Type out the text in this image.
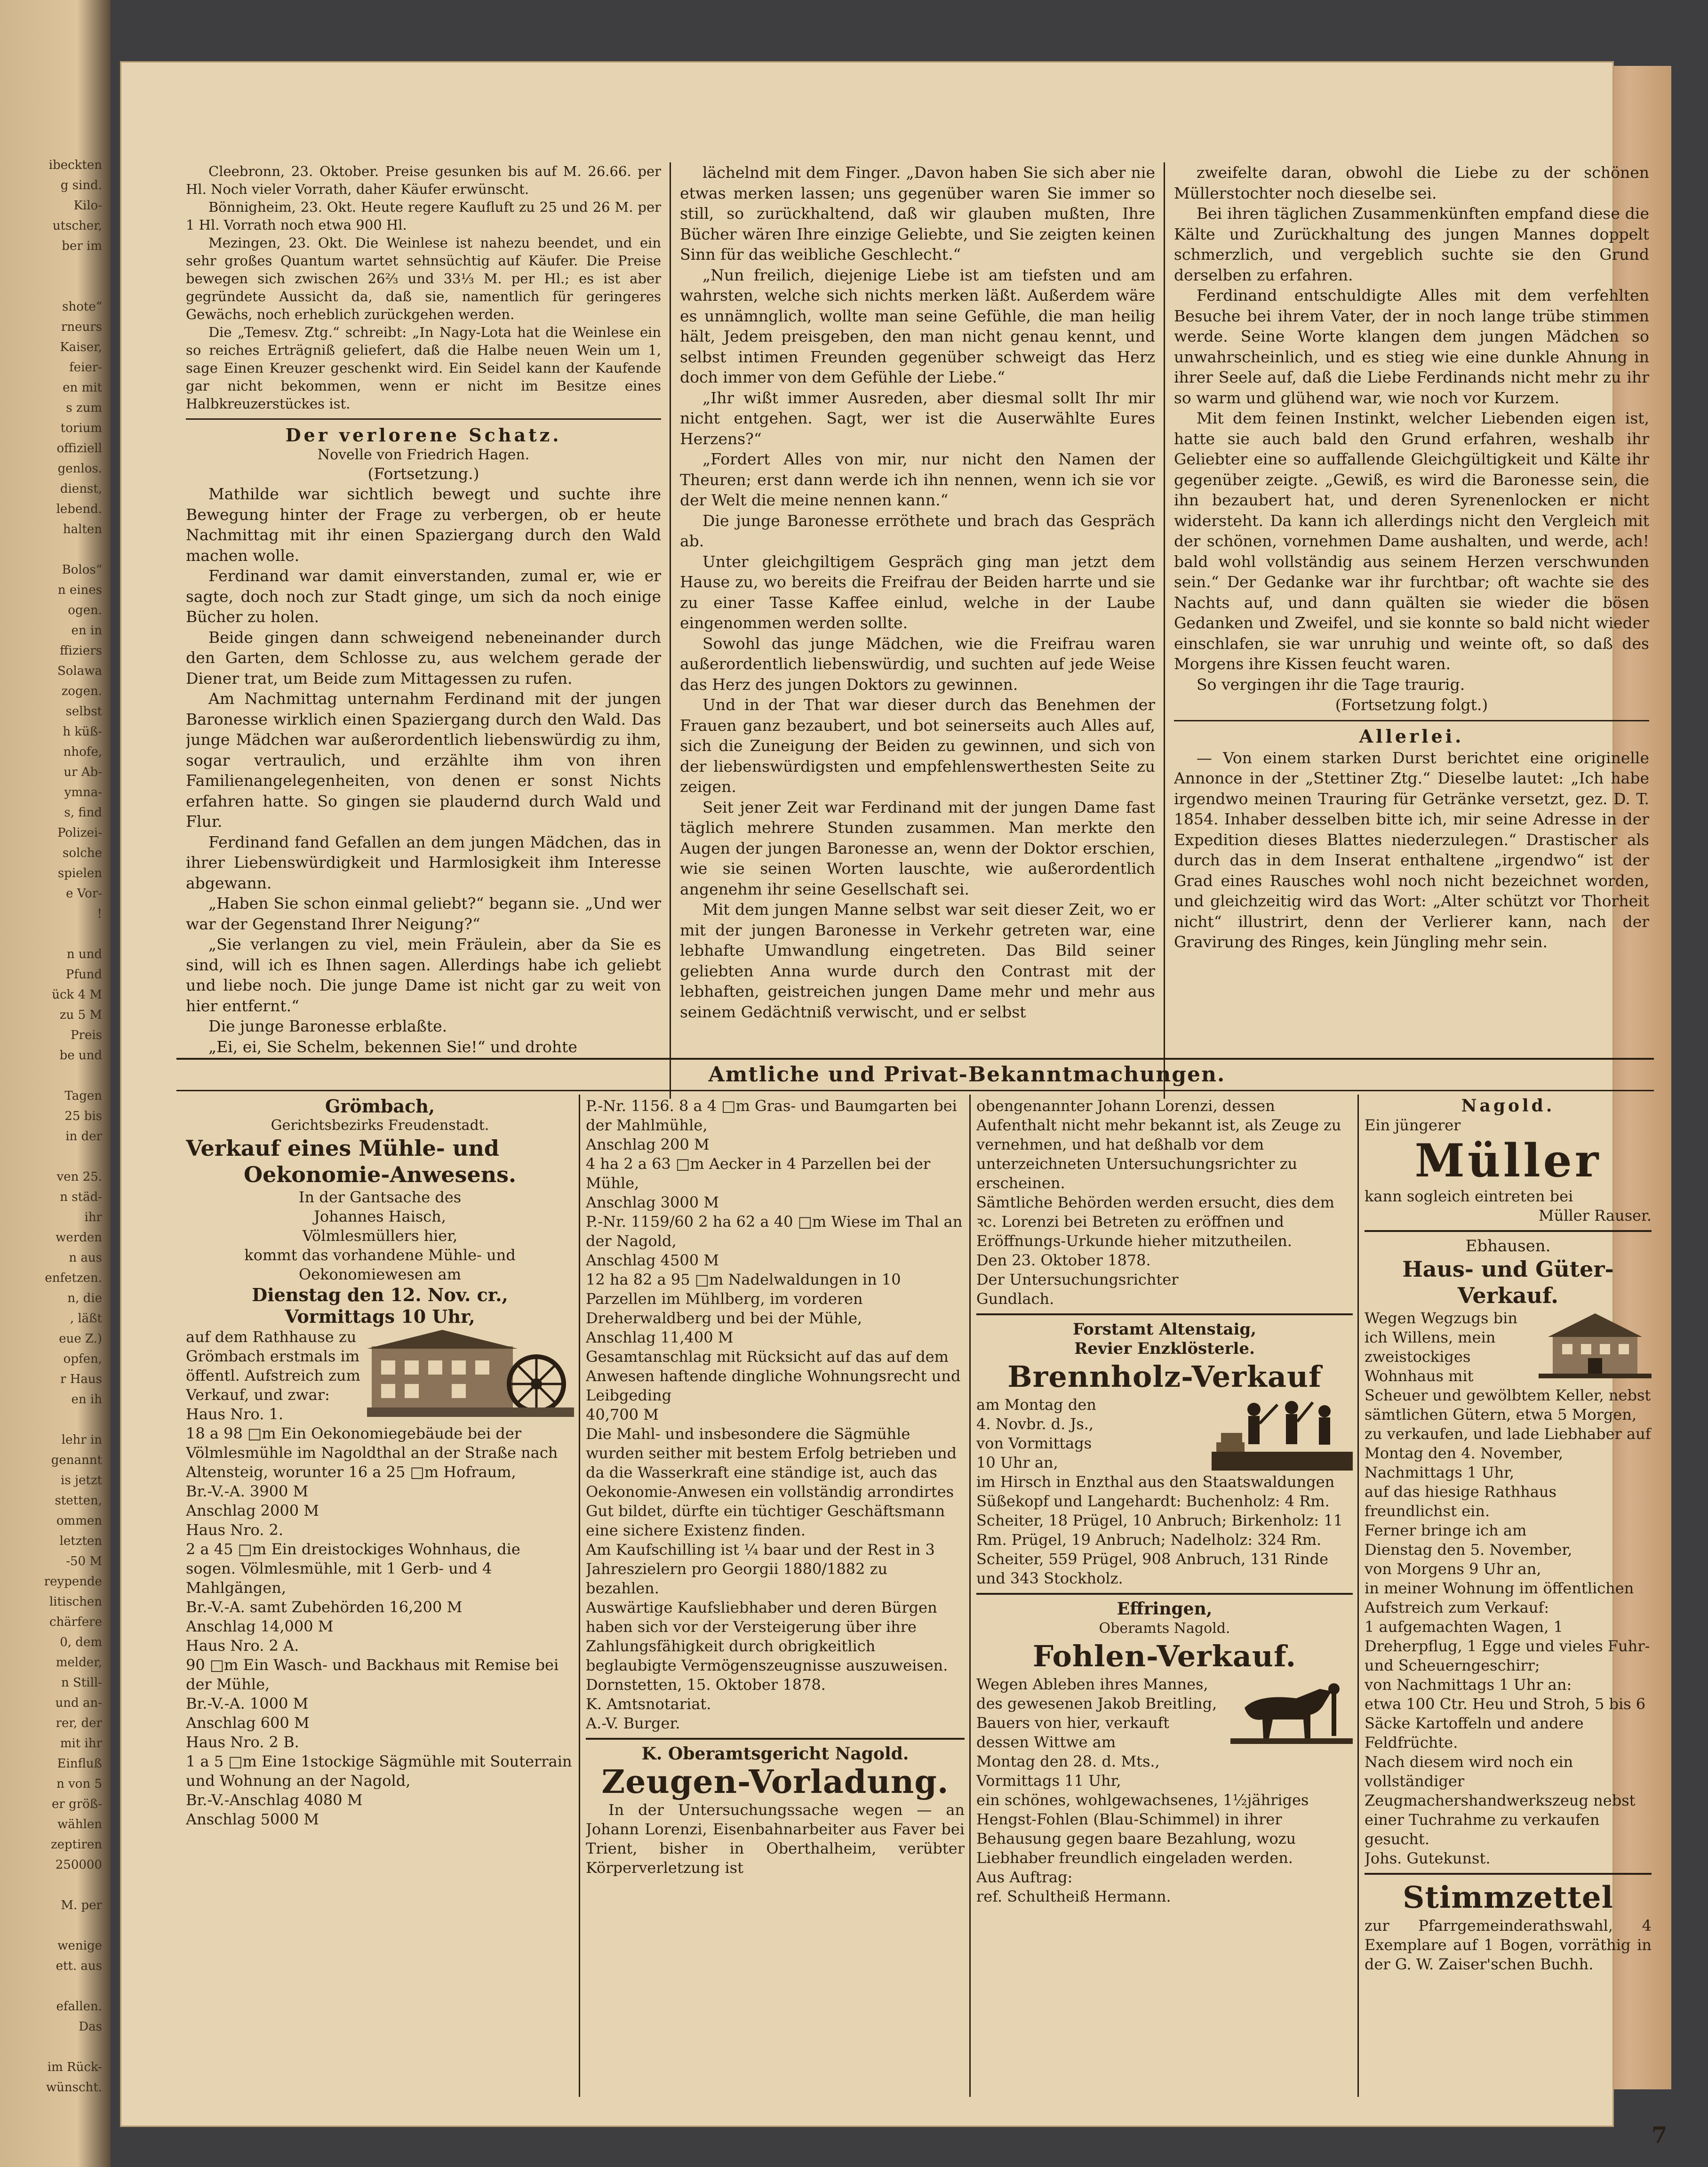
ibeckten
g sind.
Kilo-
utscher,
ber im

shote“
rneurs
Kaiser,
feier-
en mit
s zum
torium
offiziell
genlos.
dienst,
lebend.
halten

Bolos“
n eines
ogen.
en in
ffiziers
Solawa
zogen.
selbst
h küß-
nhofe,
ur Ab-
ymna-
s, find
Polizei-
solche
spielen
e Vor-
!

n und
Pfund
ück 4 M
zu 5 M
Preis
be und

Tagen
25 bis
in der

ven 25.
n städ-
ihr
werden
n aus
enfetzen.
n, die
, läßt
eue Z.)
opfen,
r Haus
en ih

lehr in
genannt
is jetzt
stetten,
ommen
letzten
-50 M
reypende
litischen
chärfere
0, dem
melder,
n Still-
und an-
rer, der
mit ihr
Einfluß
n von 5
er größ-
wählen
zeptiren
250000

M. per

wenige
ett. aus

efallen.
Das

im Rück-
wünscht.

Cleebronn, 23. Oktober. Preise gesunken bis auf M. 26.66. per Hl. Noch vieler Vorrath, daher Käufer erwünscht.

Bönnigheim, 23. Okt. Heute regere Kaufluft zu 25 und 26 M. per 1 Hl. Vorrath noch etwa 900 Hl.

Mezingen, 23. Okt. Die Weinlese ist nahezu beendet, und ein sehr großes Quantum wartet sehnsüchtig auf Käufer. Die Preise bewegen sich zwischen 26⅔ und 33⅓ M. per Hl.; es ist aber gegründete Aussicht da, daß sie, namentlich für geringeres Gewächs, noch erheblich zurückgehen werden.

Die „Temesv. Ztg.“ schreibt: „In Nagy-Lota hat die Weinlese ein so reiches Erträgniß geliefert, daß die Halbe neuen Wein um 1, sage Einen Kreuzer geschenkt wird. Ein Seidel kann der Kaufende gar nicht bekommen, wenn er nicht im Besitze eines Halbkreuzerstückes ist.

Der verlorene Schatz.
Novelle von Friedrich Hagen.
(Fortsetzung.)

Mathilde war sichtlich bewegt und suchte ihre Bewegung hinter der Frage zu verbergen, ob er heute Nachmittag mit ihr einen Spaziergang durch den Wald machen wolle.

Ferdinand war damit einverstanden, zumal er, wie er sagte, doch noch zur Stadt ginge, um sich da noch einige Bücher zu holen.

Beide gingen dann schweigend nebeneinander durch den Garten, dem Schlosse zu, aus welchem gerade der Diener trat, um Beide zum Mittagessen zu rufen.

Am Nachmittag unternahm Ferdinand mit der jungen Baronesse wirklich einen Spaziergang durch den Wald. Das junge Mädchen war außerordentlich liebenswürdig zu ihm, sogar vertraulich, und erzählte ihm von ihren Familienangelegenheiten, von denen er sonst Nichts erfahren hatte. So gingen sie plaudernd durch Wald und Flur.

Ferdinand fand Gefallen an dem jungen Mädchen, das in ihrer Liebenswürdigkeit und Harmlosigkeit ihm Interesse abgewann.

„Haben Sie schon einmal geliebt?“ begann sie. „Und wer war der Gegenstand Ihrer Neigung?“

„Sie verlangen zu viel, mein Fräulein, aber da Sie es sind, will ich es Ihnen sagen. Allerdings habe ich geliebt und liebe noch. Die junge Dame ist nicht gar zu weit von hier entfernt.“

Die junge Baronesse erblaßte.

„Ei, ei, Sie Schelm, bekennen Sie!“ und drohte

lächelnd mit dem Finger. „Davon haben Sie sich aber nie etwas merken lassen; uns gegenüber waren Sie immer so still, so zurückhaltend, daß wir glauben mußten, Ihre Bücher wären Ihre einzige Geliebte, und Sie zeigten keinen Sinn für das weibliche Geschlecht.“

„Nun freilich, diejenige Liebe ist am tiefsten und am wahrsten, welche sich nichts merken läßt. Außerdem wäre es unnämnglich, wollte man seine Gefühle, die man heilig hält, Jedem preisgeben, den man nicht genau kennt, und selbst intimen Freunden gegenüber schweigt das Herz doch immer von dem Gefühle der Liebe.“

„Ihr wißt immer Ausreden, aber diesmal sollt Ihr mir nicht entgehen. Sagt, wer ist die Auserwählte Eures Herzens?“

„Fordert Alles von mir, nur nicht den Namen der Theuren; erst dann werde ich ihn nennen, wenn ich sie vor der Welt die meine nennen kann.“

Die junge Baronesse erröthete und brach das Gespräch ab.

Unter gleichgiltigem Gespräch ging man jetzt dem Hause zu, wo bereits die Freifrau der Beiden harrte und sie zu einer Tasse Kaffee einlud, welche in der Laube eingenommen werden sollte.

Sowohl das junge Mädchen, wie die Freifrau waren außerordentlich liebenswürdig, und suchten auf jede Weise das Herz des jungen Doktors zu gewinnen.

Und in der That war dieser durch das Benehmen der Frauen ganz bezaubert, und bot seinerseits auch Alles auf, sich die Zuneigung der Beiden zu gewinnen, und sich von der liebenswürdigsten und empfehlenswerthesten Seite zu zeigen.

Seit jener Zeit war Ferdinand mit der jungen Dame fast täglich mehrere Stunden zusammen. Man merkte den Augen der jungen Baronesse an, wenn der Doktor erschien, wie sie seinen Worten lauschte, wie außerordentlich angenehm ihr seine Gesellschaft sei.

Mit dem jungen Manne selbst war seit dieser Zeit, wo er mit der jungen Baronesse in Verkehr getreten war, eine lebhafte Umwandlung eingetreten. Das Bild seiner geliebten Anna wurde durch den Contrast mit der lebhaften, geistreichen jungen Dame mehr und mehr aus seinem Gedächtniß verwischt, und er selbst

zweifelte daran, obwohl die Liebe zu der schönen Müllerstochter noch dieselbe sei.

Bei ihren täglichen Zusammenkünften empfand diese die Kälte und Zurückhaltung des jungen Mannes doppelt schmerzlich, und vergeblich suchte sie den Grund derselben zu erfahren.

Ferdinand entschuldigte Alles mit dem verfehlten Besuche bei ihrem Vater, der in noch lange trübe stimmen werde. Seine Worte klangen dem jungen Mädchen so unwahrscheinlich, und es stieg wie eine dunkle Ahnung in ihrer Seele auf, daß die Liebe Ferdinands nicht mehr zu ihr so warm und glühend war, wie noch vor Kurzem.

Mit dem feinen Instinkt, welcher Liebenden eigen ist, hatte sie auch bald den Grund erfahren, weshalb ihr Geliebter eine so auffallende Gleichgültigkeit und Kälte ihr gegenüber zeigte. „Gewiß, es wird die Baronesse sein, die ihn bezaubert hat, und deren Syrenenlocken er nicht widersteht. Da kann ich allerdings nicht den Vergleich mit der schönen, vornehmen Dame aushalten, und werde, ach! bald wohl vollständig aus seinem Herzen verschwunden sein.“ Der Gedanke war ihr furchtbar; oft wachte sie des Nachts auf, und dann quälten sie wieder die bösen Gedanken und Zweifel, und sie konnte so bald nicht wieder einschlafen, sie war unruhig und weinte oft, so daß des Morgens ihre Kissen feucht waren.

So vergingen ihr die Tage traurig.

(Fortsetzung folgt.)
Allerlei.

— Von einem starken Durst berichtet eine originelle Annonce in der „Stettiner Ztg.“ Dieselbe lautet: „Ich habe irgendwo meinen Trauring für Getränke versetzt, gez. D. T. 1854. Inhaber desselben bitte ich, mir seine Adresse in der Expedition dieses Blattes niederzulegen.“ Drastischer als durch das in dem Inserat enthaltene „irgendwo“ ist der Grad eines Rausches wohl noch nicht bezeichnet worden, und gleichzeitig wird das Wort: „Alter schützt vor Thorheit nicht“ illustrirt, denn der Verlierer kann, nach der Gravirung des Ringes, kein Jüngling mehr sein.

Amtliche und Privat-Bekanntmachungen.
Grömbach,
Gerichtsbezirks Freudenstadt.
Verkauf eines Mühle- und
Oekonomie-Anwesens.

In der Gantsache des

Johannes Haisch,

Völmlesmüllers hier,

kommt das vorhandene Mühle- und Oekonomiewesen am

Dienstag den 12. Nov. cr.,
Vormittags 10 Uhr,

auf dem Rathhause zu Grömbach erstmals im öffentl. Aufstreich zum Verkauf, und zwar:

Haus Nro. 1.

18 a 98 □m Ein Oekonomiegebäude bei der Völmlesmühle im Nagoldthal an der Straße nach Altensteig, worunter 16 a 25 □m Hofraum,

Br.-V.-A. 3900 M

Anschlag 2000 M

Haus Nro. 2.

2 a 45 □m Ein dreistockiges Wohnhaus, die sogen. Völmlesmühle, mit 1 Gerb- und 4 Mahlgängen,

Br.-V.-A. samt Zubehörden 16,200 M

Anschlag 14,000 M

Haus Nro. 2 A.

90 □m Ein Wasch- und Backhaus mit Remise bei der Mühle,

Br.-V.-A. 1000 M

Anschlag 600 M

Haus Nro. 2 B.

1 a 5 □m Eine 1stockige Sägmühle mit Souterrain und Wohnung an der Nagold,

Br.-V.-Anschlag 4080 M

Anschlag 5000 M

P.-Nr. 1156. 8 a 4 □m Gras- und Baumgarten bei der Mahlmühle,

Anschlag 200 M

4 ha 2 a 63 □m Aecker in 4 Parzellen bei der Mühle,

Anschlag 3000 M

P.-Nr. 1159/60 2 ha 62 a 40 □m Wiese im Thal an der Nagold,

Anschlag 4500 M

12 ha 82 a 95 □m Nadelwaldungen in 10 Parzellen im Mühlberg, im vorderen Dreherwaldberg und bei der Mühle,

Anschlag 11,400 M

Gesamtanschlag mit Rücksicht auf das auf dem Anwesen haftende dingliche Wohnungsrecht und Leibgeding

40,700 M

Die Mahl- und insbesondere die Sägmühle wurden seither mit bestem Erfolg betrieben und da die Wasserkraft eine ständige ist, auch das Oekonomie-Anwesen ein vollständig arrondirtes Gut bildet, dürfte ein tüchtiger Geschäftsmann eine sichere Existenz finden.

Am Kaufschilling ist ¼ baar und der Rest in 3 Jahreszielern pro Georgii 1880/1882 zu bezahlen.

Auswärtige Kaufsliebhaber und deren Bürgen haben sich vor der Versteigerung über ihre Zahlungsfähigkeit durch obrigkeitlich beglaubigte Vermögenszeugnisse auszuweisen.

Dornstetten, 15. Oktober 1878.

K. Amtsnotariat.

A.-V. Burger.

K. Oberamtsgericht Nagold.
Zeugen-Vorladung.

In der Untersuchungssache wegen — an Johann Lorenzi, Eisenbahnarbeiter aus Faver bei Trient, bisher in Oberthalheim, verübter Körperverletzung ist

obengenannter Johann Lorenzi, dessen Aufenthalt nicht mehr bekannt ist, als Zeuge zu vernehmen, und hat deßhalb vor dem unterzeichneten Untersuchungsrichter zu erscheinen.

Sämtliche Behörden werden ersucht, dies dem ꝛc. Lorenzi bei Betreten zu eröffnen und Eröffnungs-Urkunde hieher mitzutheilen.

Den 23. Oktober 1878.

Der Untersuchungsrichter

Gundlach.

Forstamt Altenstaig,
Revier Enzklösterle.
Brennholz-Verkauf

am Montag den

4. Novbr. d. Js.,

von Vormittags

10 Uhr an,

im Hirsch in Enzthal aus den Staatswaldungen Süßekopf und Langehardt: Buchenholz: 4 Rm. Scheiter, 18 Prügel, 10 Anbruch; Birkenholz: 11 Rm. Prügel, 19 Anbruch; Nadelholz: 324 Rm. Scheiter, 559 Prügel, 908 Anbruch, 131 Rinde und 343 Stockholz.

Effringen,
Oberamts Nagold.
Fohlen-Verkauf.

Wegen Ableben ihres Mannes, des gewesenen Jakob Breitling, Bauers von hier, verkauft dessen Wittwe am

Montag den 28. d. Mts.,

Vormittags 11 Uhr,

ein schönes, wohlgewachsenes, 1½jähriges Hengst-Fohlen (Blau-Schimmel) in ihrer Behausung gegen baare Bezahlung, wozu Liebhaber freundlich eingeladen werden.

Aus Auftrag:

ref. Schultheiß Hermann.

Nagold.
Ein jüngerer
Müller
kann sogleich eintreten bei
Müller Rauser.
Ebhausen.
Haus- und Güter-
Verkauf.

Wegen Wegzugs bin ich Willens, mein zweistockiges Wohnhaus mit Scheuer und gewölbtem Keller, nebst sämtlichen Gütern, etwa 5 Morgen, zu verkaufen, und lade Liebhaber auf

Montag den 4. November,

Nachmittags 1 Uhr,

auf das hiesige Rathhaus freundlichst ein.

Ferner bringe ich am

Dienstag den 5. November,

von Morgens 9 Uhr an,

in meiner Wohnung im öffentlichen Aufstreich zum Verkauf:

1 aufgemachten Wagen, 1 Dreherpflug, 1 Egge und vieles Fuhr- und Scheuerngeschirr;

von Nachmittags 1 Uhr an:

etwa 100 Ctr. Heu und Stroh, 5 bis 6 Säcke Kartoffeln und andere Feldfrüchte.

Nach diesem wird noch ein vollständiger Zeugmachershandwerkszeug nebst einer Tuchrahme zu verkaufen gesucht.

Johs. Gutekunst.

Stimmzettel

zur Pfarrgemeinderathswahl, 4 Exemplare auf 1 Bogen, vorräthig in der G. W. Zaiser'schen Buchh.

7
